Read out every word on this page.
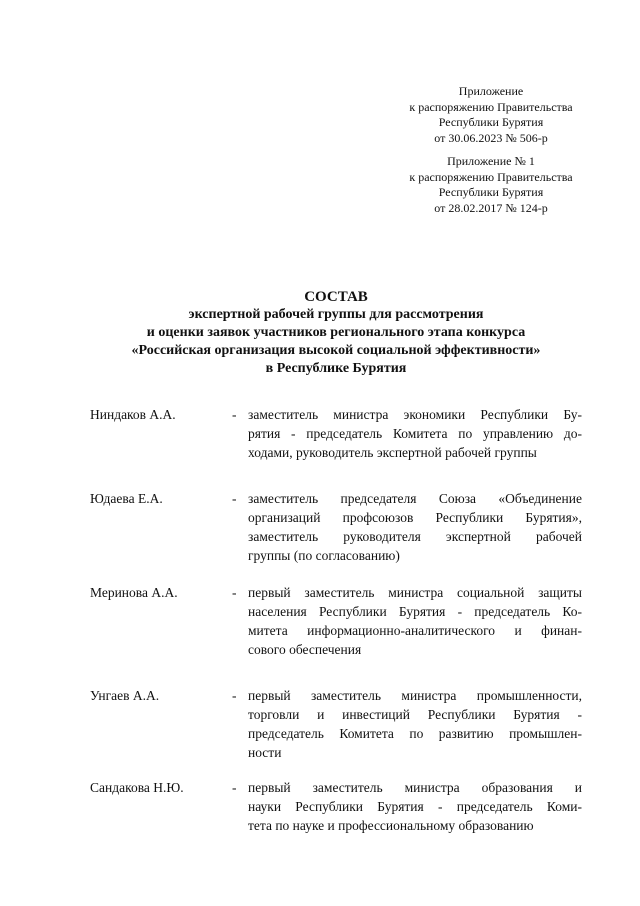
Приложение
к распоряжению Правительства
Республики Бурятия
от 30.06.2023 № 506-р
Приложение № 1
к распоряжению Правительства
Республики Бурятия
от 28.02.2017 № 124-р
СОСТАВ
экспертной рабочей группы для рассмотрения
и оценки заявок участников регионального этапа конкурса
«Российская организация высокой социальной эффективности»
в Республике Бурятия
Ниндаков А.А.	- заместитель министра экономики Республики Бу-
рятия - председатель Комитета по управлению до-
ходами, руководитель экспертной рабочей группы
Юдаева Е.А.	- заместитель председателя Союза «Объединение
организаций профсоюзов Республики Бурятия»,
заместитель руководителя экспертной рабочей
группы (по согласованию)
Меринова А.А.	- первый заместитель министра социальной защиты
населения Республики Бурятия - председатель Ко-
митета информационно-аналитического и финан-
сового обеспечения
Унгаев А.А.	- первый заместитель министра промышленности,
торговли и инвестиций Республики Бурятия -
председатель Комитета по развитию промышлен-
ности
Сандакова Н.Ю.	- первый заместитель министра образования и
науки Республики Бурятия - председатель Коми-
тета по науке и профессиональному образованию
